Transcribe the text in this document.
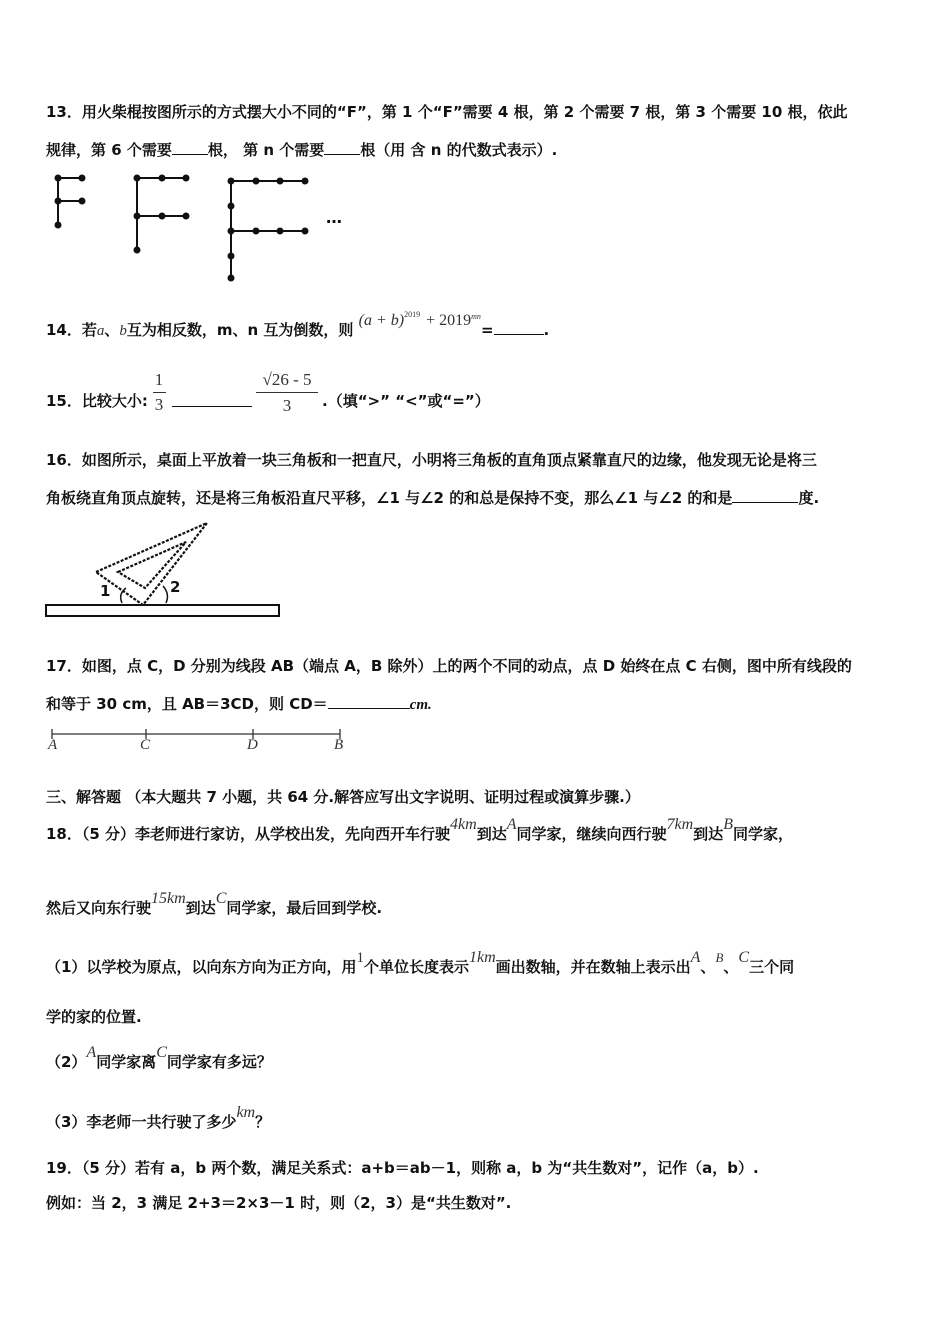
13．用火柴棍按图所示的方式摆大小不同的“F”，第 1 个“F”需要 4 根，第 2 个需要 7 根，第 3 个需要 10 根，依此
规律，第 6 个需要 根， 第 n 个需要 根（用 含 n 的代数式表示）.
…
14．若a、b互为相反数，m、n 互为倒数，则 $(a + b)^{2019} + 2019^{mn}=$	.
15．比较大小:
1
3
√26 - 5
3	.（填“>” “<”或“=”）
16．如图所示，桌面上平放着一块三角板和一把直尺，小明将三角板的直角顶点紧靠直尺的边缘，他发现无论是将三
角板绕直角顶点旋转，还是将三角板沿直尺平移，∠1 与∠2 的和总是保持不变，那么∠1 与∠2 的和是	度.
1	2
17．如图，点 C，D 分别为线段 AB（端点 A，B 除外）上的两个不同的动点，点 D 始终在点 C 右侧，图中所有线段的
和等于 30 cm，且 AB＝3CD，则 CD＝	cm.
A	C	D	B
三、解答题 （本大题共 7 小题，共 64 分.解答应写出文字说明、证明过程或演算步骤.）
18．（5 分）李老师进行家访，从学校出发，先向西开车行驶4km到达A同学家，继续向西行驶7km到达B同学家，
然后又向东行驶15km到达C同学家，最后回到学校.
（1）以学校为原点，以向东方向为正方向，用1个单位长度表示1km画出数轴，并在数轴上表示出A、B、C三个同
学的家的位置.
（2）A同学家离C同学家有多远？
（3）李老师一共行驶了多少km？
19．（5 分）若有 a，b 两个数，满足关系式：a+b＝ab－1，则称 a，b 为“共生数对”，记作（a，b）.
例如：当 2，3 满足 2+3＝2×3－1 时，则（2，3）是“共生数对”.
